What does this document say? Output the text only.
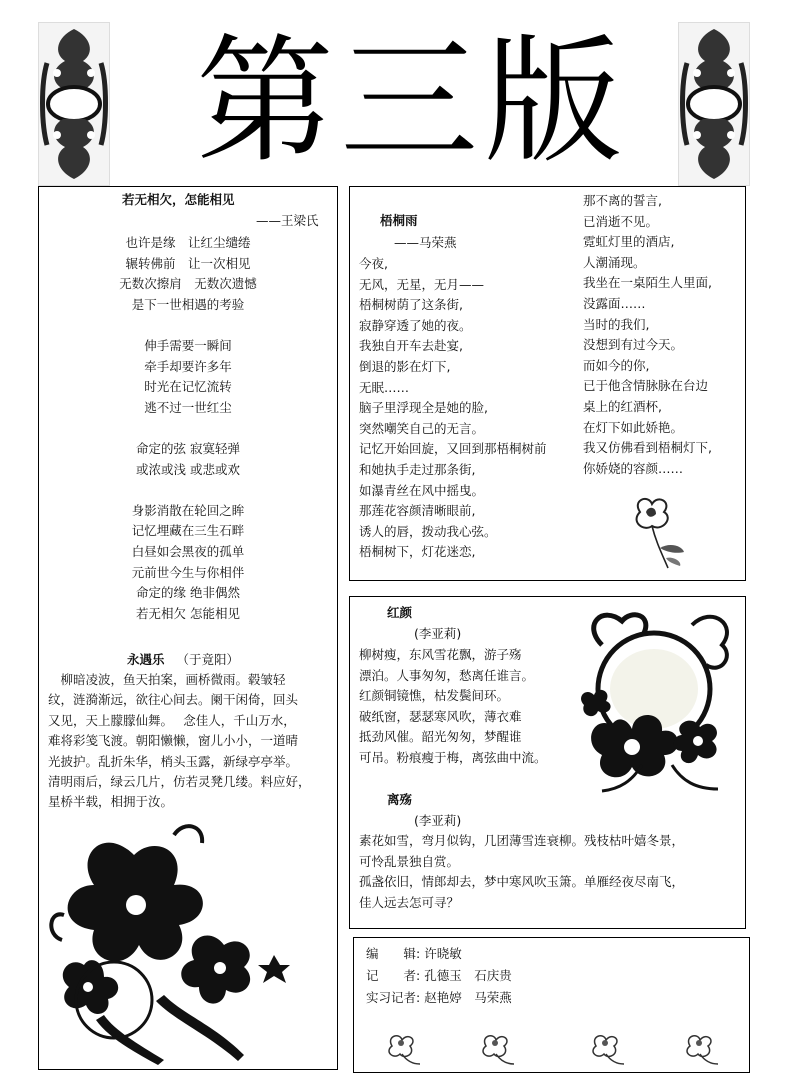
第三版
若无相欠，怎能相见
——王梁氏
也许是缘　让红尘缱绻
辗转佛前　让一次相见
无数次擦肩　无数次遗憾
是下一世相遇的考验
伸手需要一瞬间
牵手却要许多年
时光在记忆流转
逃不过一世红尘
命定的弦 寂寞轻弹
或浓或浅 或悲或欢
身影消散在轮回之眸
记忆埋藏在三生石畔
白昼如会黑夜的孤单
元前世今生与你相伴
命定的缘 绝非偶然
若无相欠 怎能相见
永遇乐 （于竟阳）
　柳暗凌波，鱼天拍案，画桥微雨。毂皱轻
纹，涟漪渐远，欲往心间去。阑干闲倚，回头
又见，天上朦朦仙舞。　 念佳人，千山万水，
难将彩笺飞渡。朝阳懒懒，窗儿小小，一道晴
光披护。乱折朱华，梢头玉露，新绿亭亭举。
清明雨后，绿云几片，仿若灵凳几缕。料应好，
星桥半载，相拥于汝。
梧桐雨
——马荣燕
今夜,
无风，无星，无月——
梧桐树荫了这条街,
寂静穿透了她的夜。
我独自开车去赴宴,
倒退的影在灯下,
无眠……
脑子里浮现全是她的脸,
突然嘲笑自己的无言。
记忆开始回旋，又回到那梧桐树前
和她执手走过那条街,
如瀑青丝在风中摇曳。
那莲花容颜清晰眼前,
诱人的唇，拨动我心弦。
梧桐树下，灯花迷恋,
那不离的誓言,
已消逝不见。
霓虹灯里的酒店,
人潮涌现。
我坐在一桌陌生人里面,
没露面……
当时的我们,
没想到有过今天。
而如今的你,
已于他含情脉脉在台边
桌上的红酒杯,
在灯下如此娇艳。
我又仿佛看到梧桐灯下,
你娇娆的容颜……
红颜
(李亚莉)
柳树瘦，东风雪花飘，游子殇
漂泊。人事匆匆，愁离任谁言。
红颜铜镜憔，枯发鬓间环。
破纸窗，瑟瑟寒风吹，薄衣难
抵劲风催。韶光匆匆，梦醒谁
可吊。粉痕瘦于梅，离弦曲中流。
离殇
(李亚莉)
素花如雪，弯月似钩，几团薄雪连衰柳。残枝枯叶嬉冬景，
可怜乱景独自赏。
孤盏依旧，情郎却去，梦中寒风吹玉箫。单雁经夜尽南飞，
佳人远去怎可寻？
编　　辑: 许晓敏
记　　者: 孔德玉　石庆贵
实习记者: 赵艳婷　马荣燕
